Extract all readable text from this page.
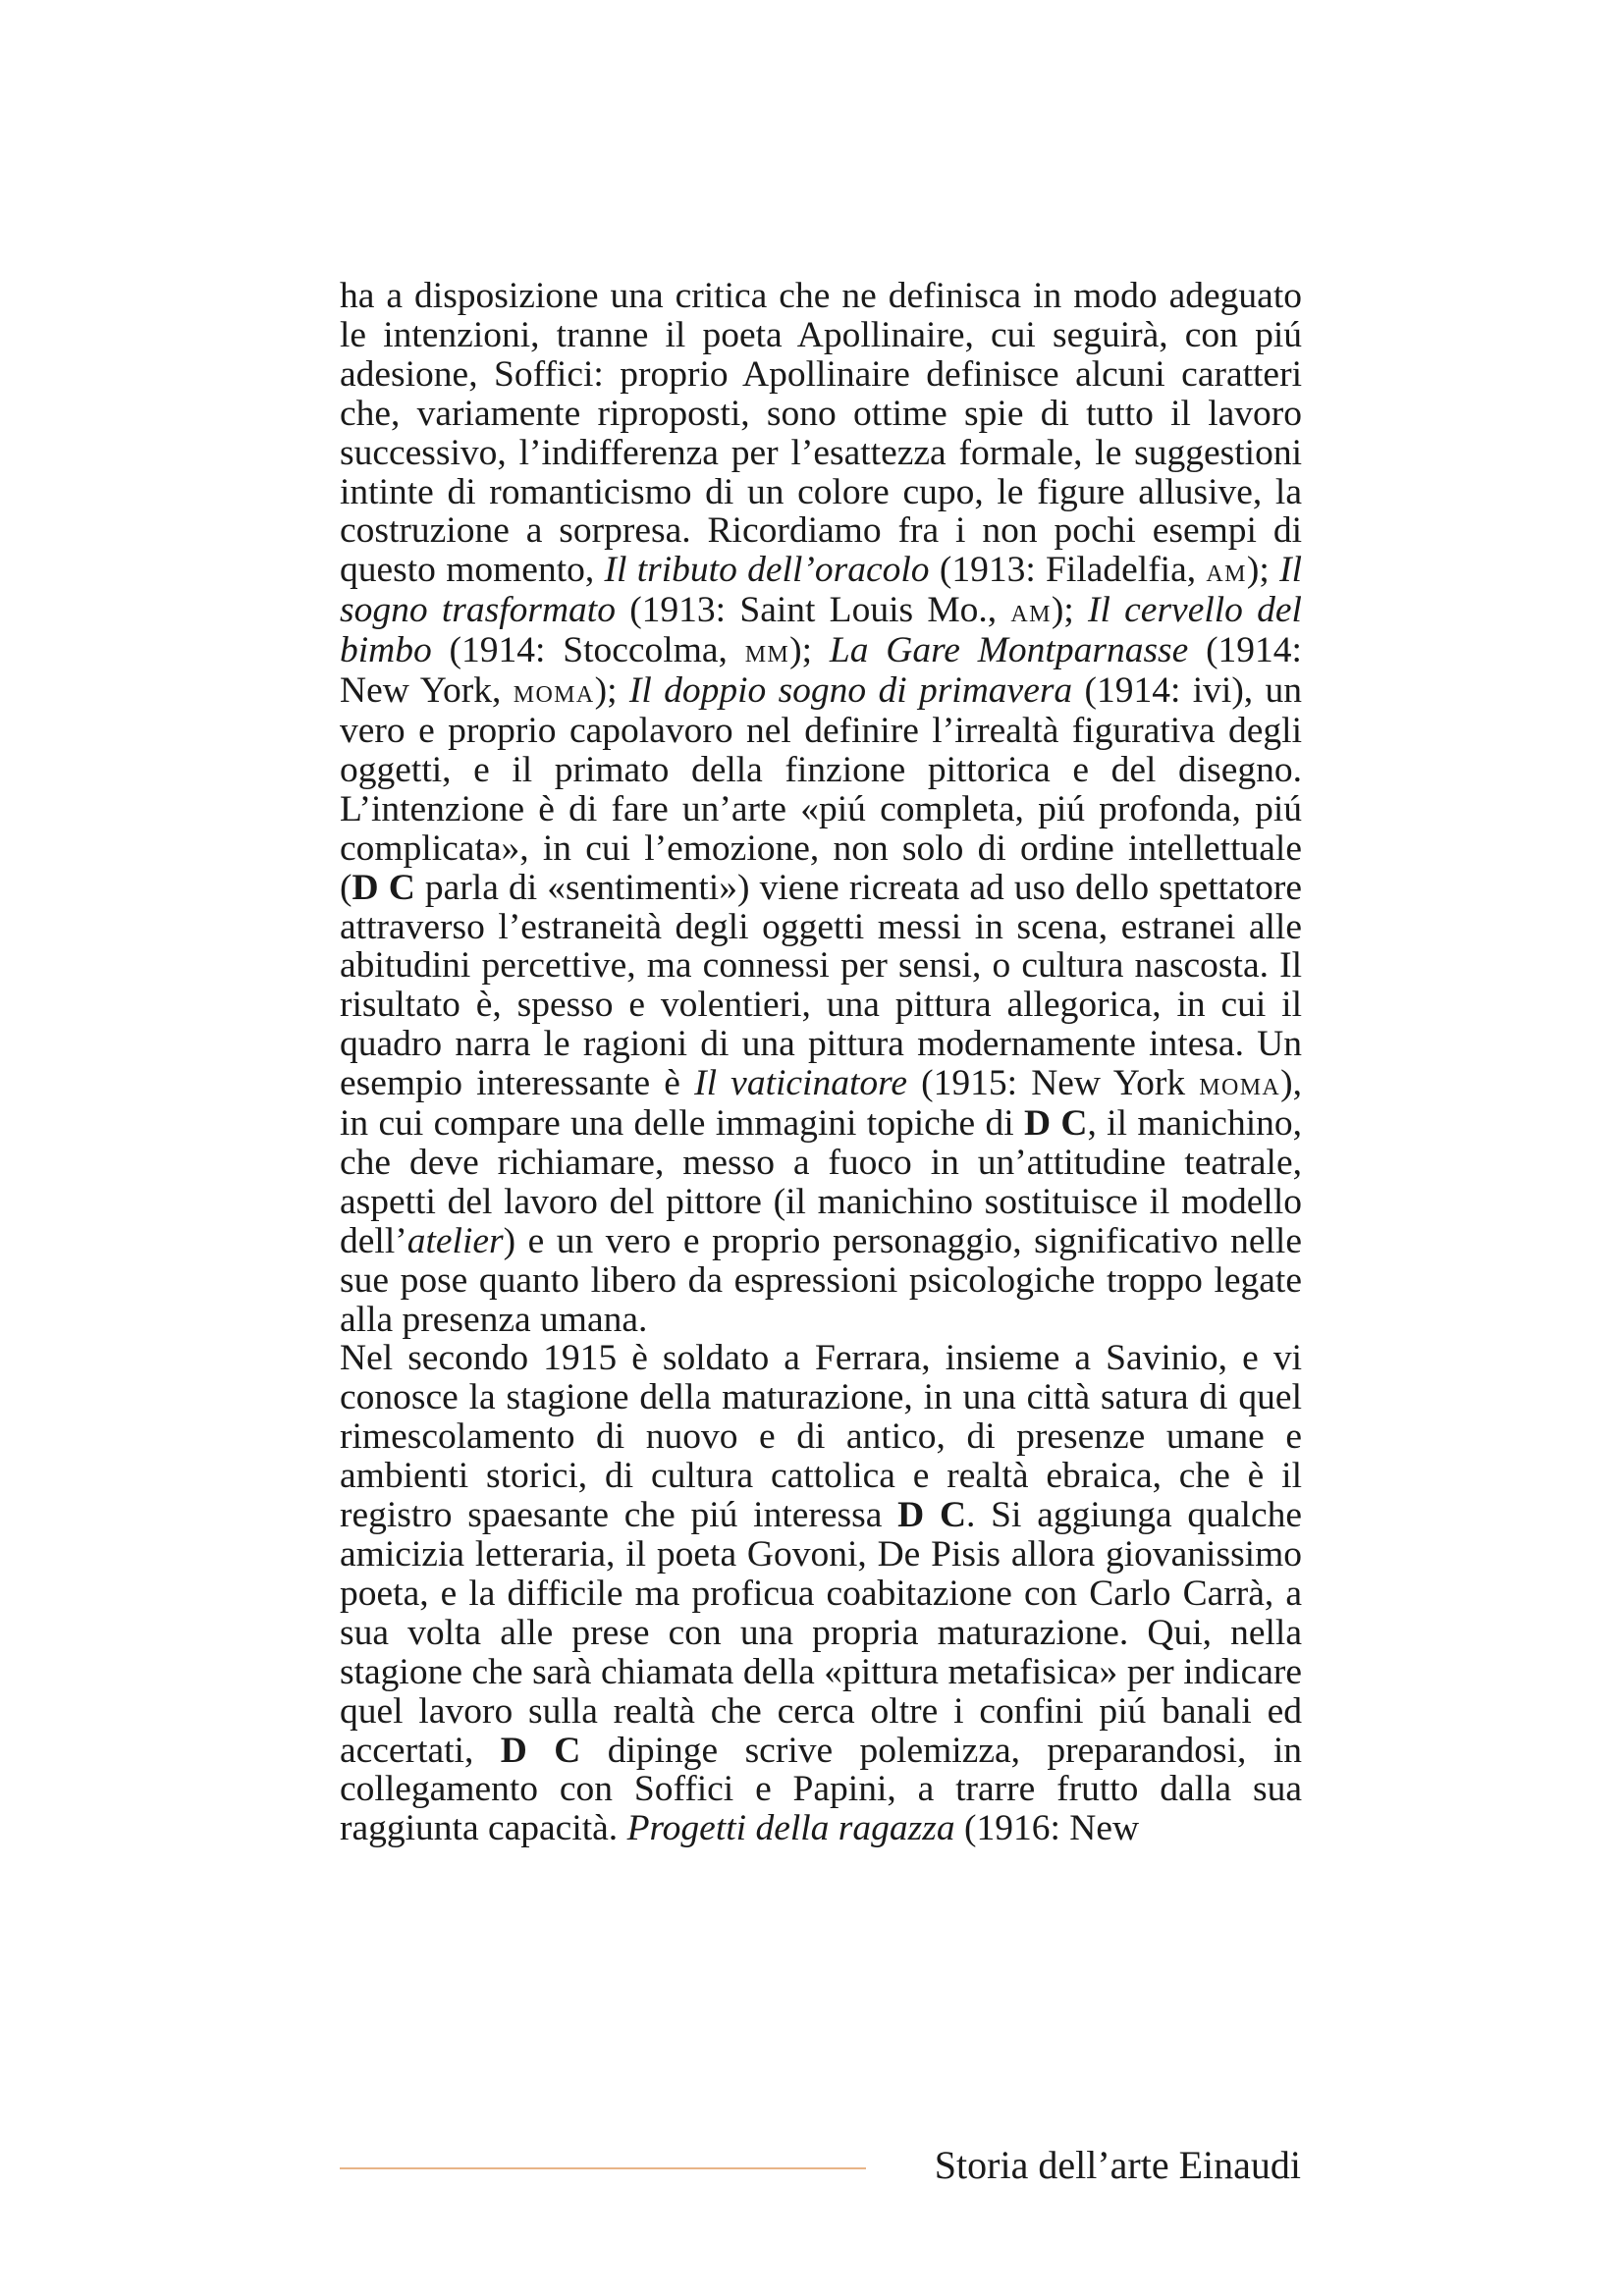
ha a disposizione una critica che ne definisca in modo adeguato le intenzioni, tranne il poeta Apollinaire, cui seguirà, con piú adesione, Soffici: proprio Apollinaire definisce alcuni caratteri che, variamente riproposti, sono ottime spie di tutto il lavoro successivo, l’indifferenza per l’esattezza formale, le suggestioni intinte di romanticismo di un colore cupo, le figure allusive, la costruzione a sorpresa. Ricordiamo fra i non pochi esempi di questo momento, Il tributo dell’oracolo (1913: Filadelfia, am); Il sogno trasformato (1913: Saint Louis Mo., am); Il cervello del bimbo (1914: Stoccolma, mm); La Gare Montparnasse (1914: New York, moma); Il doppio sogno di primavera (1914: ivi), un vero e proprio capolavoro nel definire l’irrealtà figurativa degli oggetti, e il primato della finzione pittorica e del disegno. L’intenzione è di fare un’arte «piú completa, piú profonda, piú complicata», in cui l’emozione, non solo di ordine intellettuale (D C parla di «sentimenti») viene ricreata ad uso dello spettatore attraverso l’estraneità degli oggetti messi in scena, estranei alle abitudini percettive, ma connessi per sensi, o cultura nascosta. Il risultato è, spesso e volentieri, una pittura allegorica, in cui il quadro narra le ragioni di una pittura modernamente intesa. Un esempio interessante è Il vaticinatore (1915: New York moma), in cui compare una delle immagini topiche di D C, il manichino, che deve richiamare, messo a fuoco in un’attitudine teatrale, aspetti del lavoro del pittore (il manichino sostituisce il modello dell’atelier) e un vero e proprio personaggio, significativo nelle sue pose quanto libero da espressioni psicologiche troppo legate alla presenza umana.

Nel secondo 1915 è soldato a Ferrara, insieme a Savinio, e vi conosce la stagione della maturazione, in una città satura di quel rimescolamento di nuovo e di antico, di presenze umane e ambienti storici, di cultura cattolica e realtà ebraica, che è il registro spaesante che piú interessa D C. Si aggiunga qualche amicizia letteraria, il poeta Govoni, De Pisis allora giovanissimo poeta, e la difficile ma proficua coabitazione con Carlo Carrà, a sua volta alle prese con una propria maturazione. Qui, nella stagione che sarà chiamata della «pittura metafisica» per indicare quel lavoro sulla realtà che cerca oltre i confini piú banali ed accertati, D C dipinge scrive polemizza, preparandosi, in collegamento con Soffici e Papini, a trarre frutto dalla sua raggiunta capacità. Progetti della ragazza (1916: New

Storia dell’arte Einaudi
